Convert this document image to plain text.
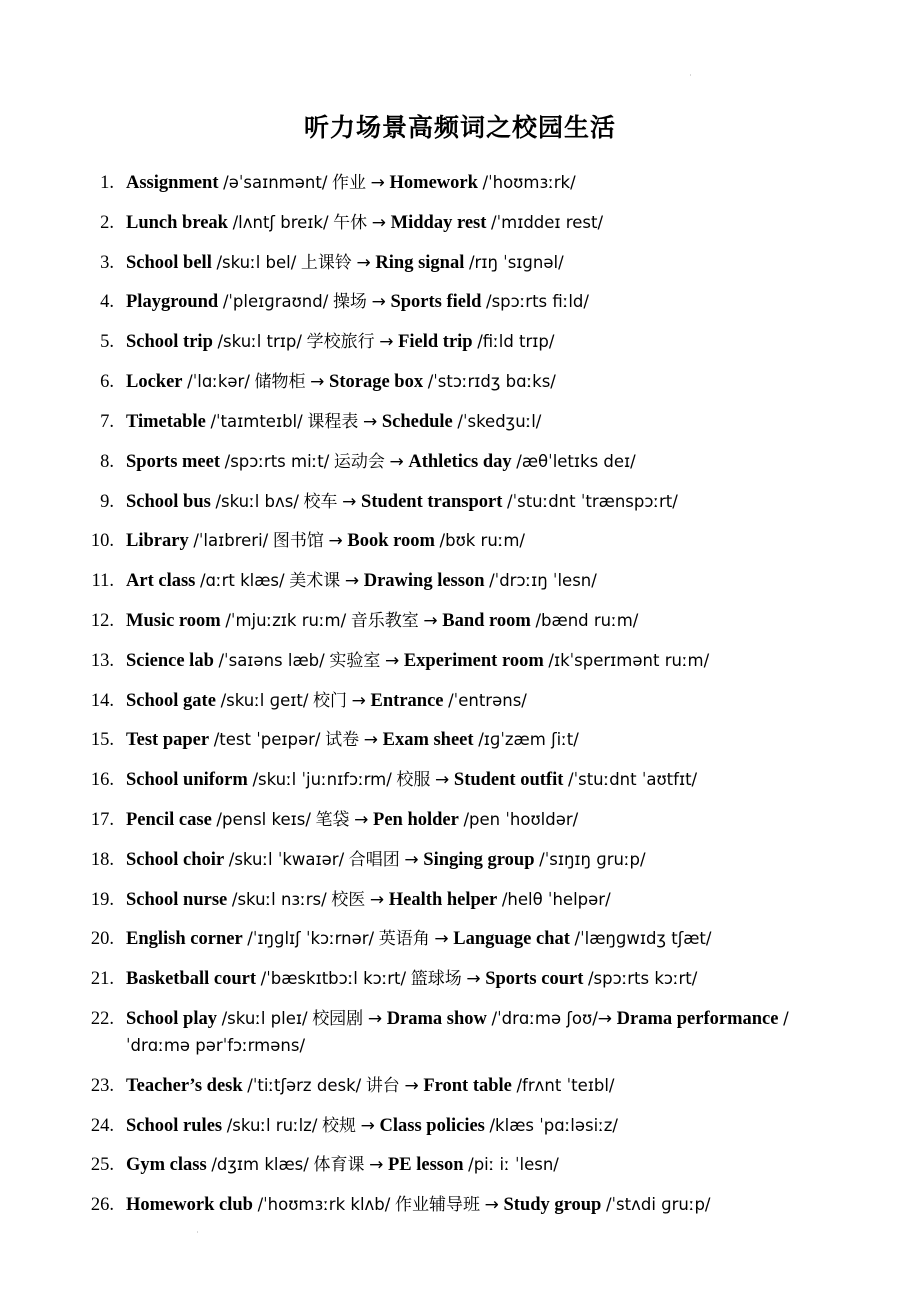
˙
听力场景高频词之校园生活
1. Assignment /əˈsaɪnmənt/ 作业 → Homework /ˈhoʊmɜːrk/
2. Lunch break /lʌntʃ breɪk/ 午休 → Midday rest /ˈmɪddeɪ rest/
3. School bell /skuːl bel/ 上课铃 → Ring signal /rɪŋ ˈsɪɡnəl/
4. Playground /ˈpleɪɡraʊnd/ 操场 → Sports field /spɔːrts fiːld/
5. School trip /skuːl trɪp/ 学校旅行 → Field trip /fiːld trɪp/
6. Locker /ˈlɑːkər/ 储物柜 → Storage box /ˈstɔːrɪdʒ bɑːks/
7. Timetable /ˈtaɪmteɪbl/ 课程表 → Schedule /ˈskedʒuːl/
8. Sports meet /spɔːrts miːt/ 运动会 → Athletics day /æθˈletɪks deɪ/
9. School bus /skuːl bʌs/ 校车 → Student transport /ˈstuːdnt ˈtrænspɔːrt/
10. Library /ˈlaɪbreri/ 图书馆 → Book room /bʊk ruːm/
11. Art class /ɑːrt klæs/ 美术课 → Drawing lesson /ˈdrɔːɪŋ ˈlesn/
12. Music room /ˈmjuːzɪk ruːm/ 音乐教室 → Band room /bænd ruːm/
13. Science lab /ˈsaɪəns læb/ 实验室 → Experiment room /ɪkˈsperɪmənt ruːm/
14. School gate /skuːl ɡeɪt/ 校门 → Entrance /ˈentrəns/
15. Test paper /test ˈpeɪpər/ 试卷 → Exam sheet /ɪɡˈzæm ʃiːt/
16. School uniform /skuːl ˈjuːnɪfɔːrm/ 校服 → Student outfit /ˈstuːdnt ˈaʊtfɪt/
17. Pencil case /pensl keɪs/ 笔袋 → Pen holder /pen ˈhoʊldər/
18. School choir /skuːl ˈkwaɪər/ 合唱团 → Singing group /ˈsɪŋɪŋ ɡruːp/
19. School nurse /skuːl nɜːrs/ 校医 → Health helper /helθ ˈhelpər/
20. English corner /ˈɪŋɡlɪʃ ˈkɔːrnər/ 英语角 → Language chat /ˈlæŋɡwɪdʒ tʃæt/
21. Basketball court /ˈbæskɪtbɔːl kɔːrt/ 篮球场 → Sports court /spɔːrts kɔːrt/
22. School play /skuːl pleɪ/ 校园剧 → Drama show /ˈdrɑːmə ʃoʊ/→ Drama performance /ˈdrɑːmə pərˈfɔːrməns/
23. Teacher’s desk /ˈtiːtʃərz desk/ 讲台 → Front table /frʌnt ˈteɪbl/
24. School rules /skuːl ruːlz/ 校规 → Class policies /klæs ˈpɑːləsiːz/
25. Gym class /dʒɪm klæs/ 体育课 → PE lesson /piː iː ˈlesn/
26. Homework club /ˈhoʊmɜːrk klʌb/ 作业辅导班 → Study group /ˈstʌdi ɡruːp/
˙
